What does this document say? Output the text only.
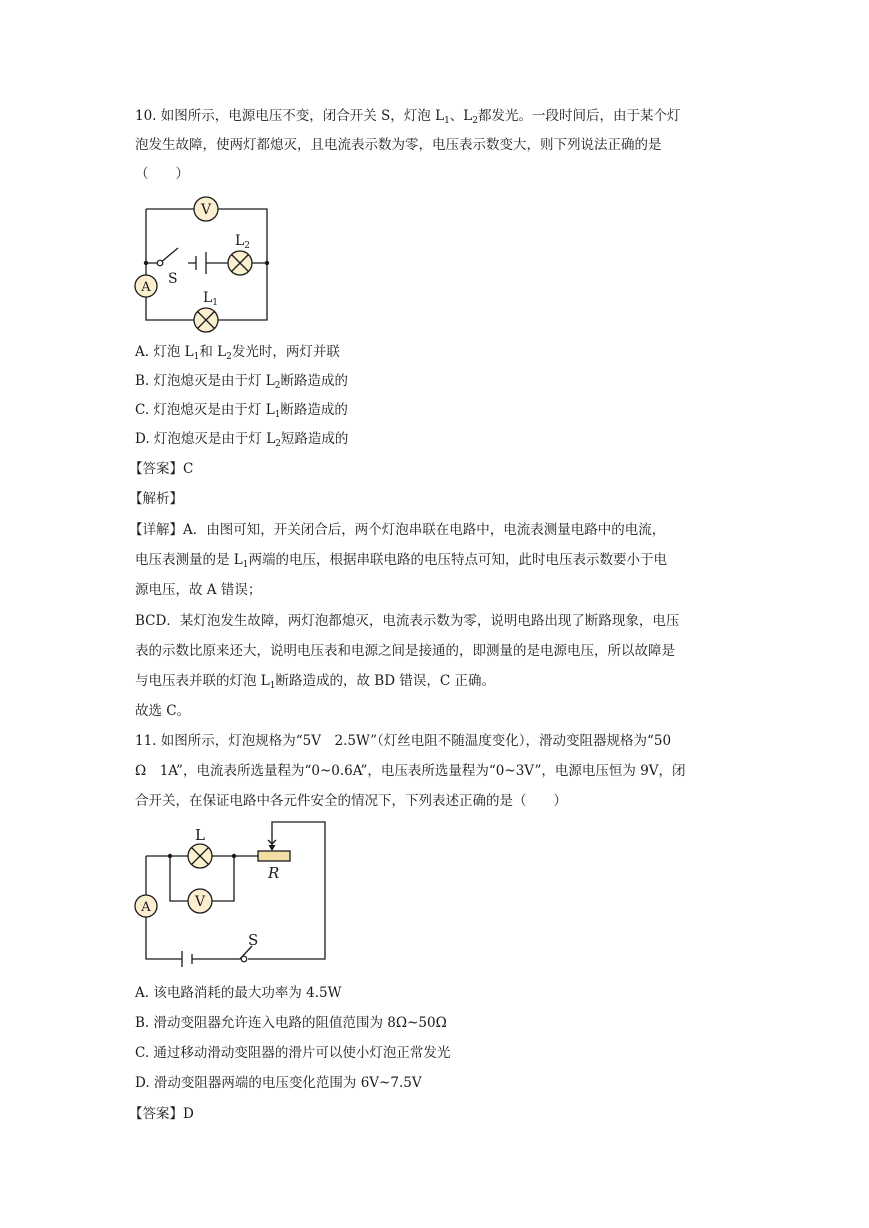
10. 如图所示，电源电压不变，闭合开关 S，灯泡 $L_1$、$L_2$都发光。一段时间后，由于某个灯
泡发生故障，使两灯都熄灭，且电流表示数为零，电压表示数变大，则下列说法正确的是
（　　）
V
A
S
$L_2$
$L_1$
A. 灯泡 $L_1$和 $L_2$发光时，两灯并联
B. 灯泡熄灭是由于灯 $L_2$断路造成的
C. 灯泡熄灭是由于灯 $L_1$断路造成的
D. 灯泡熄灭是由于灯 $L_2$短路造成的
【答案】C
【解析】
【详解】A．由图可知，开关闭合后，两个灯泡串联在电路中，电流表测量电路中的电流，
电压表测量的是 $L_1$两端的电压，根据串联电路的电压特点可知，此时电压表示数要小于电
源电压，故 A 错误；
BCD．某灯泡发生故障，两灯泡都熄灭，电流表示数为零，说明电路出现了断路现象，电压
表的示数比原来还大，说明电压表和电源之间是接通的，即测量的是电源电压，所以故障是
与电压表并联的灯泡 $L_1$断路造成的，故 BD 错误，C 正确。
故选 C。
11. 如图所示，灯泡规格为“5V　2.5W”（灯丝电阻不随温度变化），滑动变阻器规格为“50
Ω　1A”，电流表所选量程为“0~0.6A”，电压表所选量程为“0~3V”，电源电压恒为 9V，闭
合开关，在保证电路中各元件安全的情况下，下列表述正确的是（　　）
V
A
L
R
S
A. 该电路消耗的最大功率为 4.5W
B. 滑动变阻器允许连入电路的阻值范围为 8Ω~50Ω
C. 通过移动滑动变阻器的滑片可以使小灯泡正常发光
D. 滑动变阻器两端的电压变化范围为 6V~7.5V
【答案】D
